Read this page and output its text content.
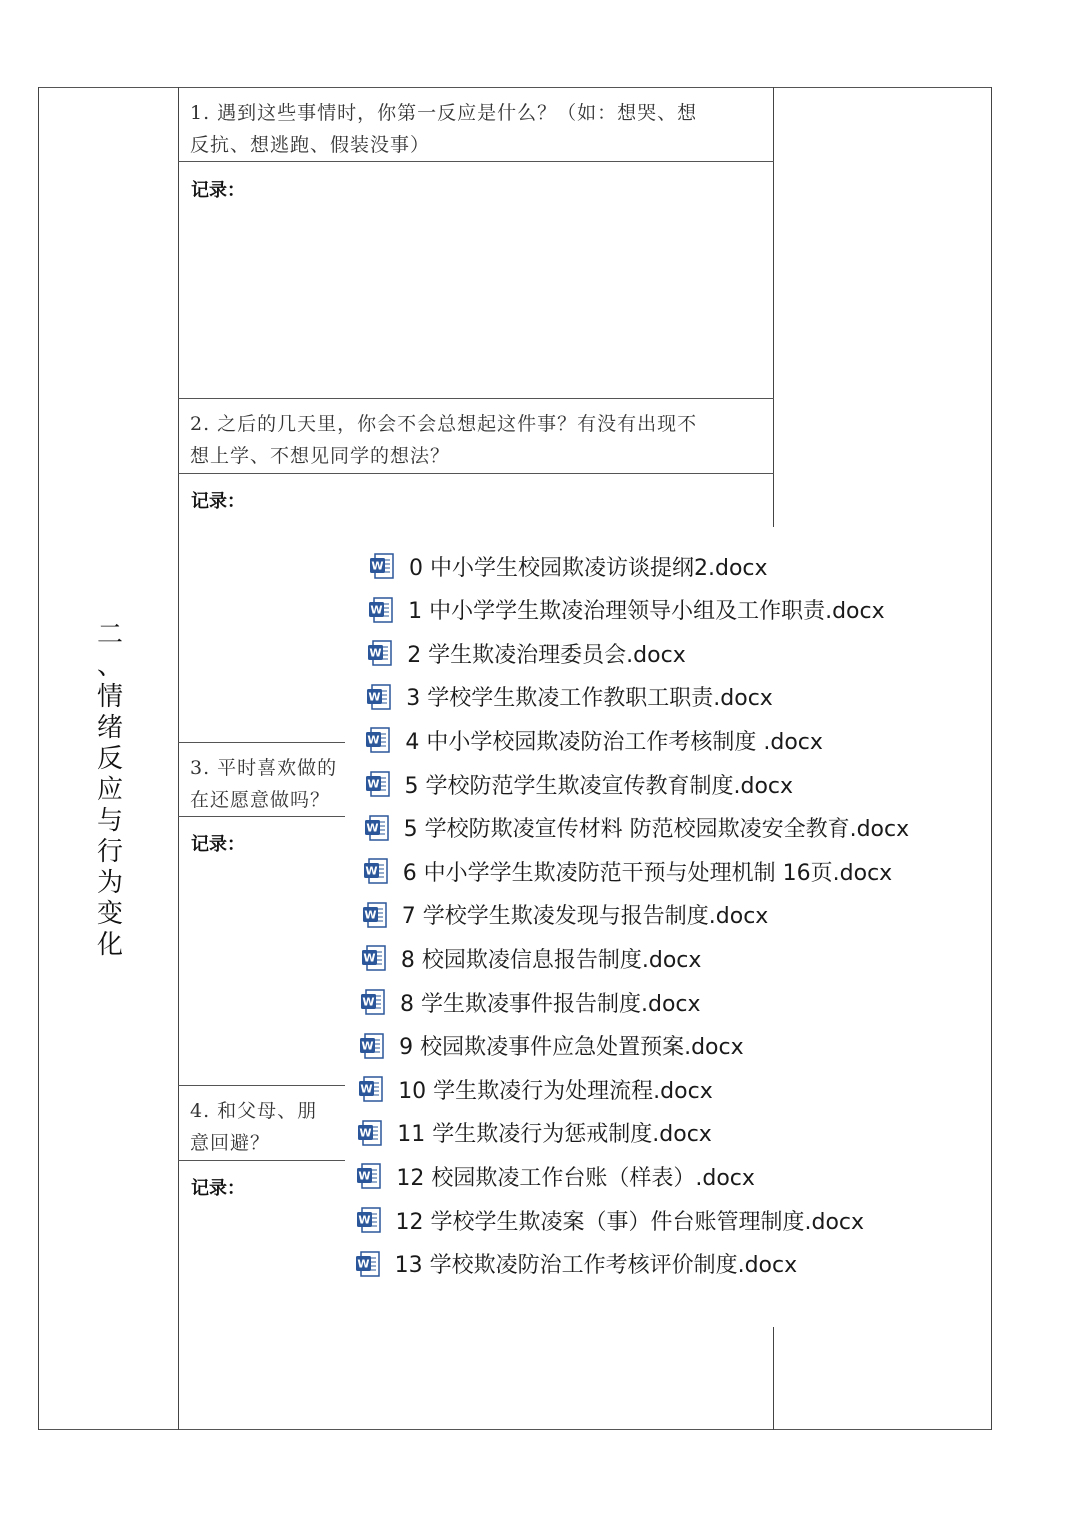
二
、
情
绪
反
应
与
行
为
变
化
1. 遇到这些事情时，你第一反应是什么？（如：想哭、想
反抗、想逃跑、假装没事）
记录：
2. 之后的几天里，你会不会总想起这件事？有没有出现不
想上学、不想见同学的想法？
记录：
3. 平时喜欢做的
在还愿意做吗？
记录：
4. 和父母、朋
意回避？
记录：
W 0 中小学生校园欺凌访谈提纲2.docx
W 1 中小学学生欺凌治理领导小组及工作职责.docx
W 2 学生欺凌治理委员会.docx
W 3 学校学生欺凌工作教职工职责.docx
W 4 中小学校园欺凌防治工作考核制度 .docx
W 5 学校防范学生欺凌宣传教育制度.docx
W 5 学校防欺凌宣传材料 防范校园欺凌安全教育.docx
W 6 中小学学生欺凌防范干预与处理机制 16页.docx
W 7 学校学生欺凌发现与报告制度.docx
W 8 校园欺凌信息报告制度.docx
W 8 学生欺凌事件报告制度.docx
W 9 校园欺凌事件应急处置预案.docx
W 10 学生欺凌行为处理流程.docx
W 11 学生欺凌行为惩戒制度.docx
W 12 校园欺凌工作台账（样表）.docx
W 12 学校学生欺凌案（事）件台账管理制度.docx
W 13 学校欺凌防治工作考核评价制度.docx
